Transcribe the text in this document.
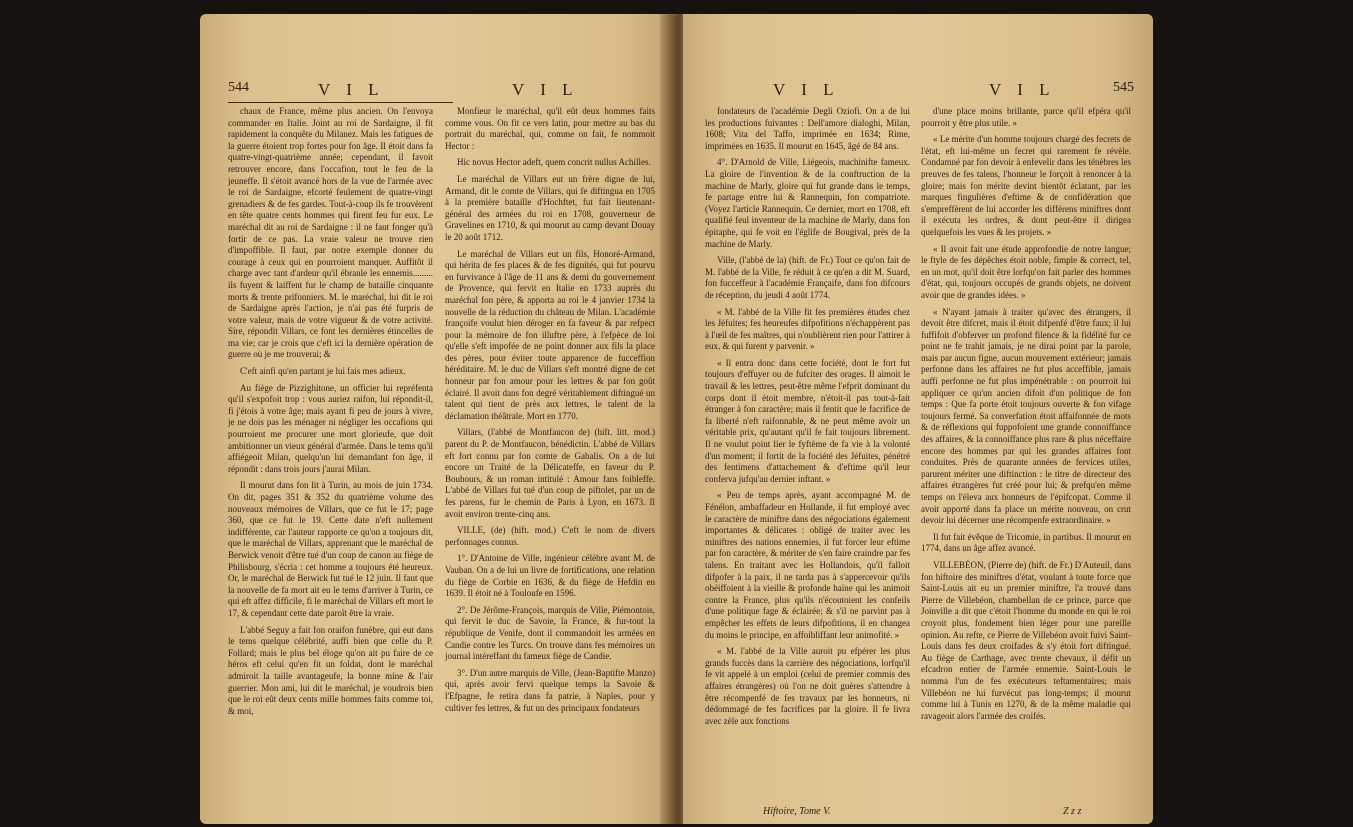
544	V I L	V I L

chaux de France, même plus ancien. On l'envoya commander en Italie. Joint au roi de Sardaigne, il fit rapidement la conquête du Milanez. Mais les fatigues de la guerre étoient trop fortes pour fon âge. Il étoit dans fa quatre-vingt-quatrième année; cependant, il favoit retrouver encore, dans l'occafion, tout le feu de la jeuneffe. Il s'étoit avancé hors de la vue de l'armée avec le roi de Sardaigne, efcorté feulement de quatre-vingt grenadiers & de fes gardes. Tout-à-coup ils fe trouvèrent en tête quatre cents hommes qui firent feu fur eux. Le maréchal dit au roi de Sardaigne : il ne faut fonger qu'à fortir de ce pas. La vraie valeur ne trouve rien d'impoffible. Il faut, par notre exemple donner du courage à ceux qui en pourroient manquer. Auffitôt il charge avec tant d'ardeur qu'il ébranle les ennemis......... ils fuyent & laiffent fur le champ de bataille cinquante morts & trente prifonniers. M. le maréchal, lui dit le roi de Sardaigne après l'action, je n'ai pas été furpris de votre valeur, mais de votre vigueur & de votre activité. Sire, répondit Villars, ce font les dernières étincelles de ma vie; car je crois que c'eft ici la dernière opération de guerre où je me trouverai; &

C'eft ainfi qu'en partant je lui fais mes adieux.

Au fiège de Pizzighitone, un officier lui repréfenta qu'il s'expofoit trop : vous auriez raifon, lui répondit-il, fi j'étois à votre âge; mais ayant fi peu de jours à vivre, je ne dois pas les ménager ni négliger les occafions qui pourroient me procurer une mort glorieufe, que doit ambitionner un vieux général d'armée. Dans le tems qu'il affiégeoit Milan, quelqu'un lui demandant fon âge, il répondit : dans trois jours j'aurai Milan.

Il mourut dans fon lit à Turin, au mois de juin 1734. On dit, pages 351 & 352 du quatrième volume des nouveaux mémoires de Villars, que ce fut le 17; page 360, que ce fut le 19. Cette date n'eft nullement indifférente, car l'auteur rapporte ce qu'on a toujours dit, que le maréchal de Villars, apprenant que le maréchal de Berwick venoit d'être tué d'un coup de canon au fiège de Philisbourg, s'écria : cet homme a toujours été heureux. Or, le maréchal de Berwick fut tué le 12 juin. Il faut que la nouvelle de fa mort ait eu le tems d'arriver à Turin, ce qui eft affez difficile, fi le maréchal de Villars eft mort le 17, & cependant cette date paroît être la vraie.

L'abbé Seguy a fait fon oraifon funèbre, qui eut dans le tems quelque célébrité, auffi bien que celle du P. Follard; mais le plus bel éloge qu'on ait pu faire de ce héros eft celui qu'en fit un foldat, dont le maréchal admiroit la taille avantageufe, la bonne mine & l'air guerrier. Mon ami, lui dit le maréchal, je voudrois bien que le roi eût deux cents mille hommes faits comme toi, & moi,

Monfieur le maréchal, qu'il eût deux hommes faits comme vous. On fit ce vers latin, pour mettre au bas du portrait du maréchal, qui, comme on fait, fe nommoit Hector :

Hic novus Hector adeft, quem concrit nullus Achilles.

Le maréchal de Villars eut un frère digne de lui, Armand, dit le comte de Villars, qui fe diftingua en 1705 à la première bataille d'Hochftet, fut fait lieutenant-général des armées du roi en 1708, gouverneur de Gravelines en 1710, & qui mourut au camp devant Douay le 20 août 1712.

Le maréchal de Villars eut un fils, Honoré-Armand, qui hérita de fes places & de fes dignités, qui fut pourvu en furvivance à l'âge de 11 ans & demi du gouvernement de Provence, qui fervit en Italie en 1733 auprès du maréchal fon père, & apporta au roi le 4 janvier 1734 la nouvelle de la réduction du château de Milan. L'académie françoife voulut bien déroger en fa faveur & par refpect pour la mémoire de fon illuftre père, à l'efpèce de loi qu'elle s'eft impofée de ne point donner aux fils la place des pères, pour éviter toute apparence de fucceffion héréditaire. M. le duc de Villars s'eft montré digne de cet honneur par fon amour pour les lettres & par fon goût éclairé. Il avoit dans fon degré véritablement diftingué un talent qui tient de près aux lettres, le talent de la déclamation théâtrale. Mort en 1770.

Villars, (l'abbé de Montfaucon de) (hift. litt. mod.) parent du P. de Montfaucon, bénédictin. L'abbé de Villars eft fort connu par fon comte de Gabalis. On a de lui encore un Traité de la Délicateffe, en faveur du P. Bouhours, & un roman intitulé : Amour fans foibleffe. L'abbé de Villars fut tué d'un coup de piftolet, par un de fes parens, fur le chemin de Paris à Lyon, en 1673. Il avoit environ trente-cinq ans.

VILLE, (de) (hift. mod.) C'eft le nom de divers perfonnages connus.

1°. D'Antoine de Ville, ingénieur célèbre avant M. de Vauban. On a de lui un livre de fortifications, une relation du fiège de Corbie en 1636, & du fiège de Hefdin en 1639. Il étoit né à Touloufe en 1596.

2°. De Jérôme-François, marquis de Ville, Piémontois, qui fervit le duc de Savoie, la France, & fur-tout la république de Venife, dont il commandoit les armées en Candie contre les Turcs. On trouve dans fes mémoires un journal intéreffant du fameux fiège de Candie.

3°. D'un autre marquis de Ville, (Jean-Baptifte Manzo) qui, après avoir fervi quelque temps la Savoie & l'Efpagne, fe retira dans fa patrie, à Naples, pour y cultiver fes lettres, & fut un des principaux fondateurs

V I L	V I L	545

fondateurs de l'académie Degli Oziofi. On a de lui les productions fuivantes : Dell'amore dialoghi, Milan, 1608; Vita del Taffo, imprimée en 1634; Rime, imprimées en 1635. Il mourut en 1645, âgé de 84 ans.

4°. D'Arnold de Ville, Liégeois, machinifte fameux. La gloire de l'invention & de la conftruction de la machine de Marly, gloire qui fut grande dans le temps, fe partage entre lui & Rannequin, fon compatriote. (Voyez l'article Rannequin. Ce dernier, mort en 1708, eft qualifié feul inventeur de la machine de Marly, dans fon épitaphe, qui fe voit en l'églife de Bougival, près de la machine de Marly.

Ville, (l'abbé de la) (hift. de Fr.) Tout ce qu'on fait de M. l'abbé de la Ville, fe réduit à ce qu'en a dit M. Suard, fon fucceffeur à l'académie Françaife, dans fon difcours de réception, du jeudi 4 août 1774.

« M. l'abbé de la Ville fit fes premières études chez les Jéfuites; fes heureufes difpofitions n'échappèrent pas à l'œil de fes maîtres, qui n'oublièrent rien pour l'attirer à eux, & qui furent y parvenir. »

« Il entra donc dans cette fociété, dont le fort fut toujours d'effuyer ou de fufciter des orages. Il aimoit le travail & les lettres, peut-être même l'efprit dominant du corps dont il étoit membre, n'étoit-il pas tout-à-fait étranger à fon caractère; mais il fentit que le facrifice de fa liberté n'eft raifonnable, & ne peut même avoir un véritable prix, qu'autant qu'il fe fait toujours librement. Il ne voulut point lier le fyftème de fa vie à la volonté d'un moment; il fortit de la fociété des Jéfuites, pénétré des fentimens d'attachement & d'eftime qu'il leur conferva jufqu'au dernier inftant. »

« Peu de temps après, ayant accompagné M. de Fénélon, ambaffadeur en Hollande, il fut employé avec le caractère de miniftre dans des négociations également importantes & délicates : obligé de traiter avec les miniftres des nations ennemies, il fut forcer leur eftime par fon caractère, & mériter de s'en faire craindre par fes talens. En traitant avec les Hollandois, qu'il falloit difpofer à la paix, il ne tarda pas à s'appercevoir qu'ils obéiffoient à la vieille & profonde haine qui les animoit contre la France, plus qu'ils n'écoutoient les confeils d'une politique fage & éclairée; & s'il ne parvint pas à empêcher les effets de leurs difpofitions, il en changea du moins le principe, en affoibliffant leur animofité. »

« M. l'abbé de la Ville auroit pu efpérer les plus grands fuccès dans la carrière des négociations, lorfqu'il fe vit appelé à un emploi (celui de premier commis des affaires étrangères) où l'on ne doit guères s'attendre à être récompenfé de fes travaux par les honneurs, ni dédommagé de fes facrifices par la gloire. Il fe livra avec zèle aux fonctions

d'une place moins brillante, parce qu'il efpéra qu'il pourroit y être plus utile. »

« Le mérite d'un homme toujours chargé des fecrets de l'état, eft lui-même un fecret qui rarement fe révèle. Condamné par fon devoir à enfevelir dans les ténèbres les preuves de fes talens, l'honneur le forçoit à renoncer à la gloire; mais fon mérite devint bientôt éclatant, par les marques fingulières d'eftime & de confidération que s'empreffèrent de lui accorder les différens miniftres dont il exécuta les ordres, & dont peut-être il dirigea quelquefois les vues & les projets. »

« Il avoit fait une étude approfondie de notre langue; le ftyle de fes dépêches étoit noble, fimple & correct, tel, en un mot, qu'il doit être lorfqu'on fait parler des hommes d'état, qui, toujours occupés de grands objets, ne doivent avoir que de grandes idées. »

« N'ayant jamais à traiter qu'avec des étrangers, il devoit être difcret, mais il étoit difpenfé d'être faux; il lui fuffifoit d'obferver un profond filence & la fidélité fur ce point ne fe trahit jamais, je ne dirai point par la parole, mais par aucun figne, aucun mouvement extérieur; jamais perfonne dans les affaires ne fut plus acceffible, jamais auffi perfonne ne fut plus impénétrable : on pourroit lui appliquer ce qu'un ancien difoit d'un politique de fon temps : Que fa porte étoit toujours ouverte & fon vifage toujours fermé. Sa converfation étoit affaifonnée de mots & de réflexions qui fuppofoient une grande connoiffance des affaires, & la connoiffance plus rare & plus néceffaire encore des hommes par qui les grandes affaires font conduites. Près de quarante années de fervices utiles, parurent mériter une diftinction : le titre de directeur des affaires étrangères fut créé pour lui; & prefqu'en même temps on l'éleva aux honneurs de l'épifcopat. Comme il avoit apporté dans fa place un mérite nouveau, on crut devoir lui décerner une récompenfe extraordinaire. »

Il fut fait évêque de Tricomie, in partibus. Il mourut en 1774, dans un âge affez avancé.

VILLEBÉON, (Pierre de) (hift. de Fr.) D'Auteuil, dans fon hiftoire des miniftres d'état, voulant à toute force que Saint-Louis ait eu un premier miniftre, l'a trouvé dans Pierre de Villebéon, chambellan de ce prince, parce que Joinville a dit que c'étoit l'homme du monde en qui le roi croyoit plus, fondement bien léger pour une pareille opinion. Au refte, ce Pierre de Villebéon avoit fuivi Saint-Louis dans fes deux croifades & s'y étoit fort diftingué. Au fiège de Carthage, avec trente chevaux, il défit un efcadron entier de l'armée ennemie. Saint-Louis le nomma l'un de fes exécuteurs teftamentaires; mais Villebéon ne lui furvécut pas long-temps; il mourut comme lui à Tunis en 1270, & de la même maladie qui ravageoit alors l'armée des croifés.

Hiftoire, Tome V.	Z z z
